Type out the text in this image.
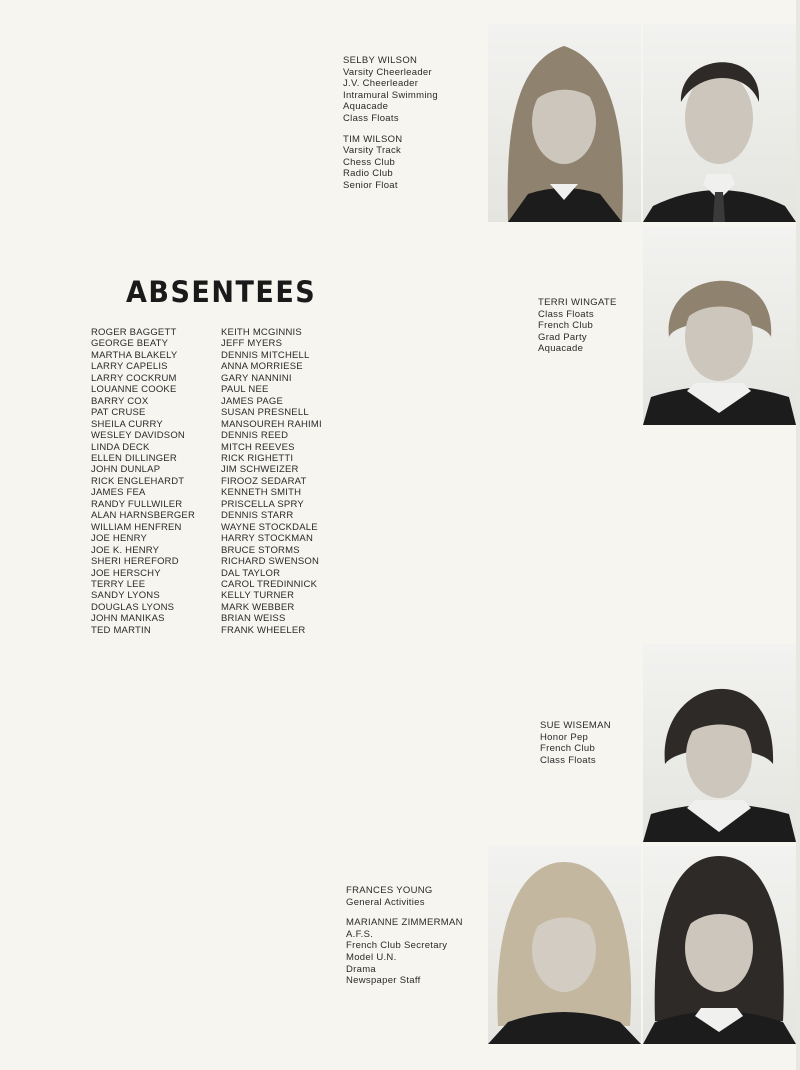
SELBY WILSON
Varsity Cheerleader
J.V. Cheerleader
Intramural Swimming
Aquacade
Class Floats
TIM WILSON
Varsity Track
Chess Club
Radio Club
Senior Float
ABSENTEES	TERRI WINGATE
Class Floats
French Club
Grad Party
Aquacade
ROGER BAGGETT
GEORGE BEATY
MARTHA BLAKELY
LARRY CAPELIS
LARRY COCKRUM
LOUANNE COOKE
BARRY COX
PAT CRUSE
SHEILA CURRY
WESLEY DAVIDSON
LINDA DECK
ELLEN DILLINGER
JOHN DUNLAP
RICK ENGLEHARDT
JAMES FEA
RANDY FULLWILER
ALAN HARNSBERGER
WILLIAM HENFREN
JOE HENRY
JOE K. HENRY
SHERI HEREFORD
JOE HERSCHY
TERRY LEE
SANDY LYONS
DOUGLAS LYONS
JOHN MANIKAS
TED MARTIN
KEITH MCGINNIS
JEFF MYERS
DENNIS MITCHELL
ANNA MORRIESE
GARY NANNINI
PAUL NEE
JAMES PAGE
SUSAN PRESNELL
MANSOUREH RAHIMI
DENNIS REED
MITCH REEVES
RICK RIGHETTI
JIM SCHWEIZER
FIROOZ SEDARAT
KENNETH SMITH
PRISCELLA SPRY
DENNIS STARR
WAYNE STOCKDALE
HARRY STOCKMAN
BRUCE STORMS
RICHARD SWENSON
DAL TAYLOR
CAROL TREDINNICK
KELLY TURNER
MARK WEBBER
BRIAN WEISS
FRANK WHEELER
SUE WISEMAN
Honor Pep
French Club
Class Floats
FRANCES YOUNG
General Activities
MARIANNE ZIMMERMAN
A.F.S.
French Club Secretary
Model U.N.
Drama
Newspaper Staff
